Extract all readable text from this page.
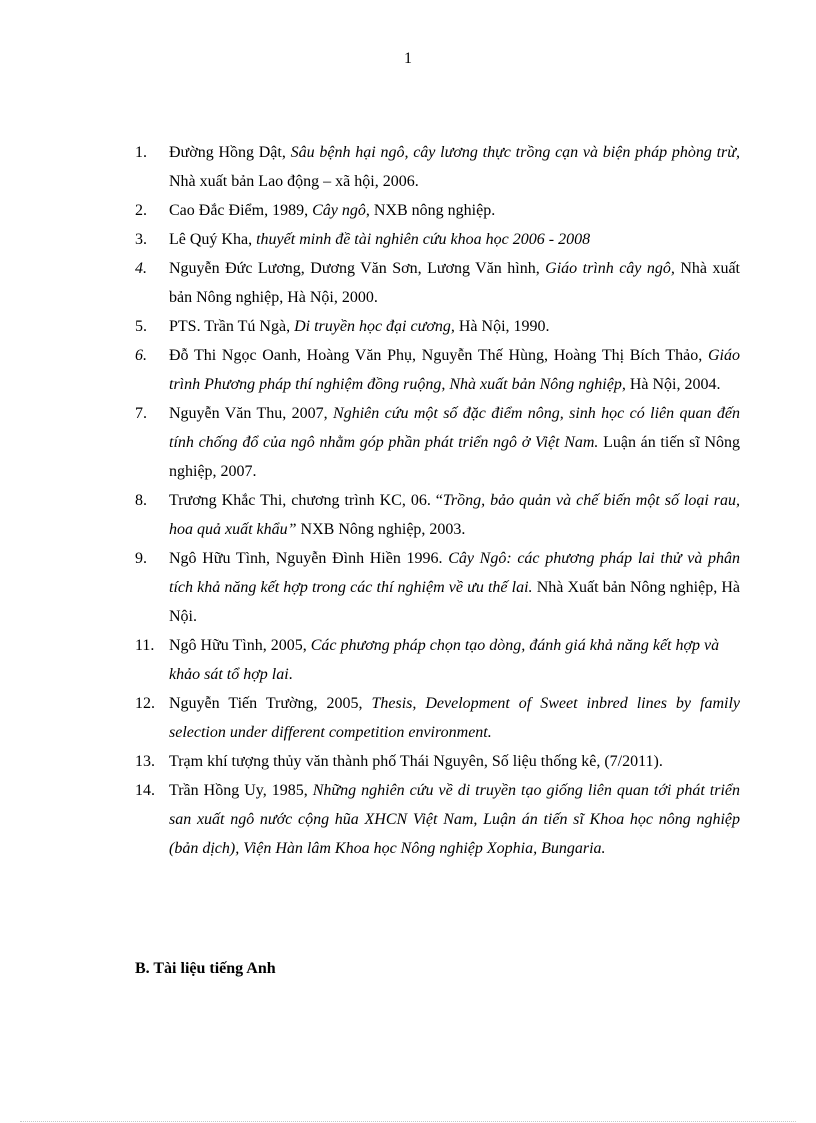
1
1. Đường Hồng Dật, Sâu bệnh hại ngô, cây lương thực trồng cạn và biện pháp phòng trừ, Nhà xuất bản Lao động – xã hội, 2006.
2. Cao Đắc Điểm, 1989, Cây ngô, NXB nông nghiệp.
3. Lê Quý Kha, thuyết minh đề tài nghiên cứu khoa học 2006 - 2008
4. Nguyễn Đức Lương, Dương Văn Sơn, Lương Văn hình, Giáo trình cây ngô, Nhà xuất bản Nông nghiệp, Hà Nội, 2000.
5. PTS. Trần Tú Ngà, Di truyền học đại cương, Hà Nội, 1990.
6. Đỗ Thi Ngọc Oanh, Hoàng Văn Phụ, Nguyễn Thế Hùng, Hoàng Thị Bích Thảo, Giáo trình Phương pháp thí nghiệm đồng ruộng, Nhà xuất bản Nông nghiệp, Hà Nội, 2004.
7. Nguyễn Văn Thu, 2007, Nghiên cứu một số đặc điểm nông, sinh học có liên quan đến tính chống đổ của ngô nhằm góp phần phát triển ngô ở Việt Nam. Luận án tiến sĩ Nông nghiệp, 2007.
8. Trương Khắc Thi, chương trình KC, 06. “Trồng, bảo quản và chế biến một số loại rau, hoa quả xuất khẩu” NXB Nông nghiệp, 2003.
9. Ngô Hữu Tình, Nguyễn Đình Hiền 1996. Cây Ngô: các phương pháp lai thử và phân tích khả năng kết hợp trong các thí nghiệm về ưu thế lai. Nhà Xuất bản Nông nghiệp, Hà Nội.
11. Ngô Hữu Tình, 2005, Các phương pháp chọn tạo dòng, đánh giá khả năng kết hợp và khảo sát tổ hợp lai.
12. Nguyễn Tiến Trường, 2005, Thesis, Development of Sweet inbred lines by family selection under different competition environment.
13. Trạm khí tượng thủy văn thành phố Thái Nguyên, Số liệu thống kê, (7/2011).
14. Trần Hồng Uy, 1985, Những nghiên cứu về di truyền tạo giống liên quan tới phát triển san xuất ngô nước cộng hũa XHCN Việt Nam, Luận án tiến sĩ Khoa học nông nghiệp (bản dịch), Viện Hàn lâm Khoa học Nông nghiệp Xophia, Bungaria.
B. Tài liệu tiếng Anh
